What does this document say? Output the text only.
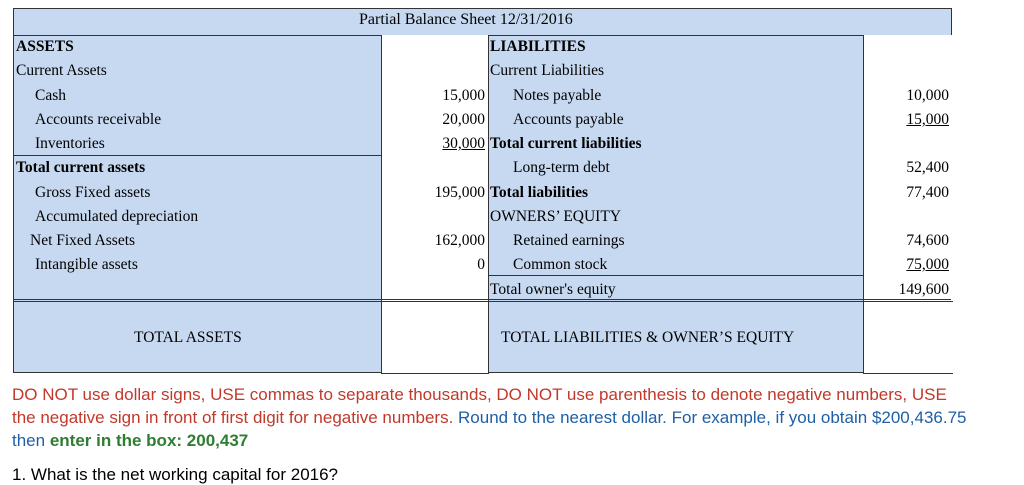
Partial Balance Sheet 12/31/2016
ASSETS
Current Assets
Cash
Accounts receivable
Inventories
Total current assets
Gross Fixed assets
Accumulated depreciation
Net Fixed Assets
Intangible assets
15,000
20,000
30,000
195,000
162,000
0
LIABILITIES
Current Liabilities
Notes payable
Accounts payable
Total current liabilities
Long-term debt
Total liabilities
OWNERS’ EQUITY
Retained earnings
Common stock
Total owner's equity
10,000
15,000
52,400
77,400
74,600
75,000
149,600
TOTAL ASSETS	TOTAL LIABILITIES & OWNER’S EQUITY
DO NOT use dollar signs, USE commas to separate thousands, DO NOT use parenthesis to denote negative numbers, USE the negative sign in front of first digit for negative numbers. Round to the nearest dollar. For example, if you obtain $200,436.75 then enter in the box: 200,437
1. What is the net working capital for 2016?
